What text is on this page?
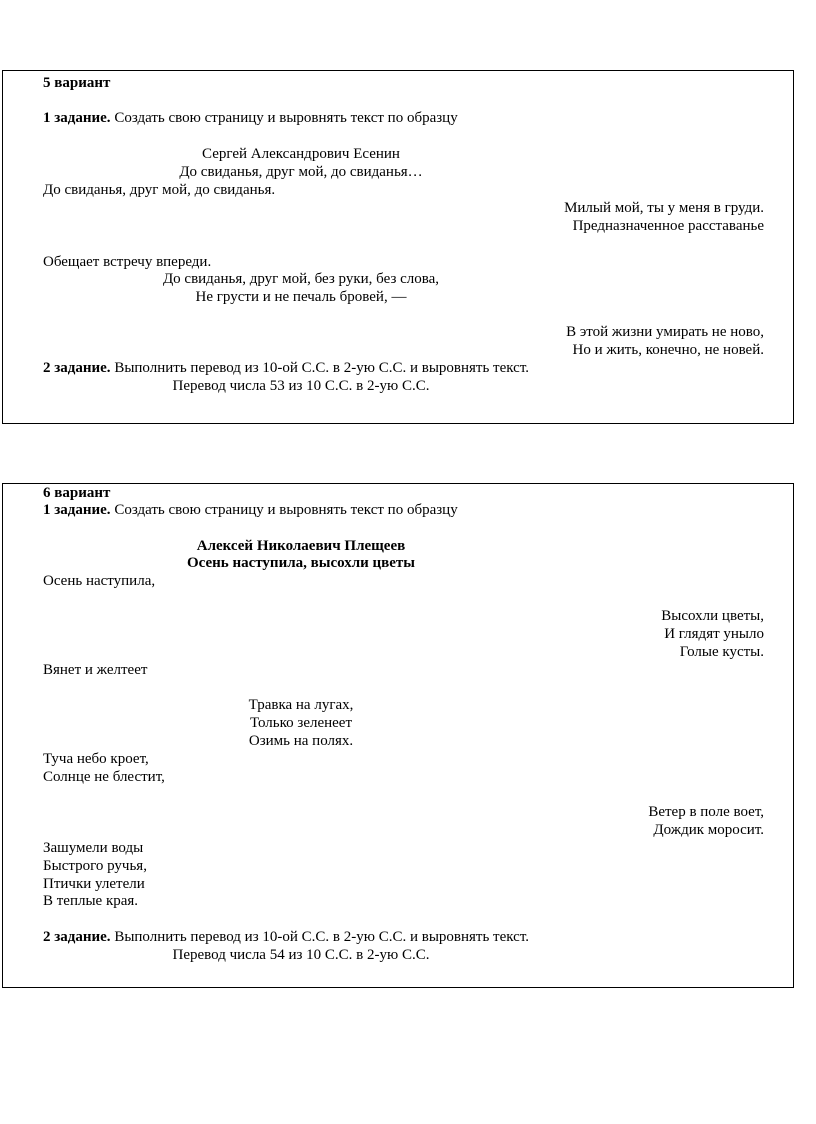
5 вариант
1 задание. Создать свою страницу и выровнять текст по образцу
Сергей Александрович Есенин
До свиданья, друг мой, до свиданья…
До свиданья, друг мой, до свиданья.
Милый мой, ты у меня в груди.
Предназначенное расставанье
Обещает встречу впереди.
До свиданья, друг мой, без руки, без слова,
Не грусти и не печаль бровей, —
В этой жизни умирать не ново,
Но и жить, конечно, не новей.
2 задание. Выполнить перевод из 10-ой С.С. в 2-ую С.С. и выровнять текст.
Перевод числа 53 из 10 С.С. в 2-ую С.С.
6 вариант
1 задание. Создать свою страницу и выровнять текст по образцу
Алексей Николаевич Плещеев
Осень наступила, высохли цветы
Осень наступила,
Высохли цветы,
И глядят уныло
Голые кусты.
Вянет и желтеет
Травка на лугах,
Только зеленеет
Озимь на полях.
Туча небо кроет,
Солнце не блестит,
Ветер в поле воет,
Дождик моросит.
Зашумели воды
Быстрого ручья,
Птички улетели
В теплые края.
2 задание. Выполнить перевод из 10-ой С.С. в 2-ую С.С. и выровнять текст.
Перевод числа 54 из 10 С.С. в 2-ую С.С.
